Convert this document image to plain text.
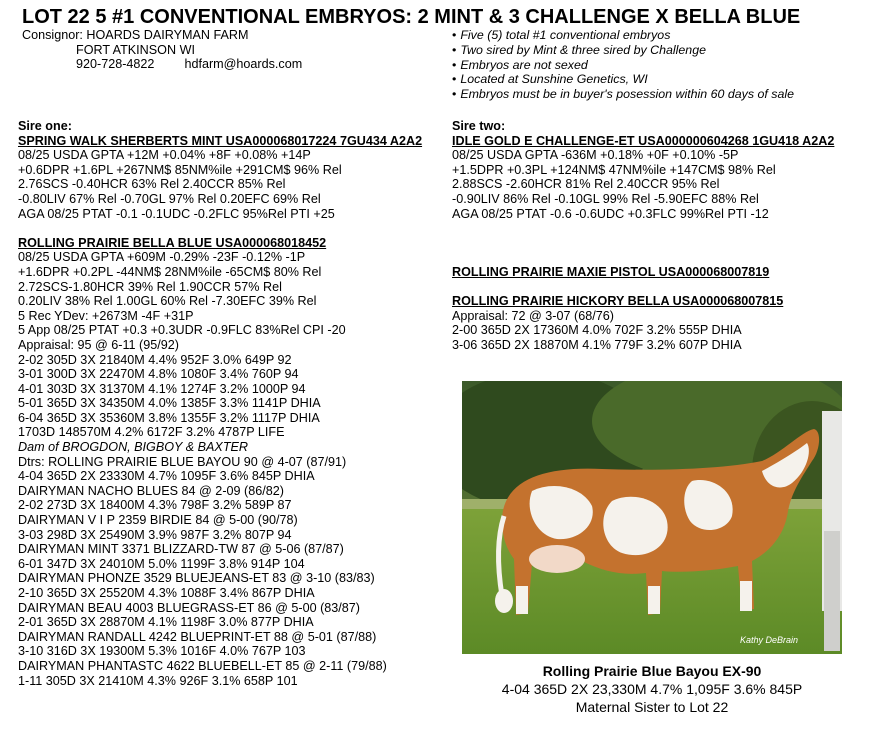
LOT 22 5 #1 CONVENTIONAL EMBRYOS: 2 MINT & 3 CHALLENGE X BELLA BLUE
Consignor: HOARDS DAIRYMAN FARM
FORT ATKINSON WI
920-728-4822 hdfarm@hoards.com
• Five (5) total #1 conventional embryos
• Two sired by Mint & three sired by Challenge
• Embryos are not sexed
• Located at Sunshine Genetics, WI
• Embryos must be in buyer's posession within 60 days of sale
Sire one:
SPRING WALK SHERBERTS MINT USA000068017224 7GU434 A2A2
08/25 USDA GPTA +12M +0.04% +8F +0.08% +14P
+0.6DPR +1.6PL +267NM$ 85NM%ile +291CM$ 96% Rel
2.76SCS -0.40HCR 63% Rel 2.40CCR 85% Rel
-0.80LIV 67% Rel -0.70GL 97% Rel 0.20EFC 69% Rel
AGA 08/25 PTAT -0.1 -0.1UDC -0.2FLC 95%Rel PTI +25
ROLLING PRAIRIE BELLA BLUE USA000068018452
08/25 USDA GPTA +609M -0.29% -23F -0.12% -1P
+1.6DPR +0.2PL -44NM$ 28NM%ile -65CM$ 80% Rel
2.72SCS-1.80HCR 39% Rel 1.90CCR 57% Rel
0.20LIV 38% Rel 1.00GL 60% Rel -7.30EFC 39% Rel
5 Rec YDev: +2673M -4F +31P
5 App 08/25 PTAT +0.3 +0.3UDR -0.9FLC 83%Rel CPI -20
Appraisal: 95 @ 6-11 (95/92)
2-02 305D 3X 21840M 4.4% 952F 3.0% 649P 92
3-01 300D 3X 22470M 4.8% 1080F 3.4% 760P 94
4-01 303D 3X 31370M 4.1% 1274F 3.2% 1000P 94
5-01 365D 3X 34350M 4.0% 1385F 3.3% 1141P DHIA
6-04 365D 3X 35360M 3.8% 1355F 3.2% 1117P DHIA
1703D 148570M 4.2% 6172F 3.2% 4787P LIFE
Dam of BROGDON, BIGBOY & BAXTER
Dtrs: ROLLING PRAIRIE BLUE BAYOU 90 @ 4-07 (87/91)
4-04 365D 2X 23330M 4.7% 1095F 3.6% 845P DHIA
DAIRYMAN NACHO BLUES 84 @ 2-09 (86/82)
2-02 273D 3X 18400M 4.3% 798F 3.2% 589P 87
DAIRYMAN V I P 2359 BIRDIE 84 @ 5-00 (90/78)
3-03 298D 3X 25490M 3.9% 987F 3.2% 807P 94
DAIRYMAN MINT 3371 BLIZZARD-TW 87 @ 5-06 (87/87)
6-01 347D 3X 24010M 5.0% 1199F 3.8% 914P 104
DAIRYMAN PHONZE 3529 BLUEJEANS-ET 83 @ 3-10 (83/83)
2-10 365D 3X 25520M 4.3% 1088F 3.4% 867P DHIA
DAIRYMAN BEAU 4003 BLUEGRASS-ET 86 @ 5-00 (83/87)
2-01 365D 3X 28870M 4.1% 1198F 3.0% 877P DHIA
DAIRYMAN RANDALL 4242 BLUEPRINT-ET 88 @ 5-01 (87/88)
3-10 316D 3X 19300M 5.3% 1016F 4.0% 767P 103
DAIRYMAN PHANTASTC 4622 BLUEBELL-ET 85 @ 2-11 (79/88)
1-11 305D 3X 21410M 4.3% 926F 3.1% 658P 101
Sire two:
IDLE GOLD E CHALLENGE-ET USA000000604268 1GU418 A2A2
08/25 USDA GPTA -636M +0.18% +0F +0.10% -5P
+1.5DPR +0.3PL +124NM$ 47NM%ile +147CM$ 98% Rel
2.88SCS -2.60HCR 81% Rel 2.40CCR 95% Rel
-0.90LIV 86% Rel -0.10GL 99% Rel -5.90EFC 88% Rel
AGA 08/25 PTAT -0.6 -0.6UDC +0.3FLC 99%Rel PTI -12
ROLLING PRAIRIE MAXIE PISTOL USA000068007819
ROLLING PRAIRIE HICKORY BELLA USA000068007815
Appraisal: 72 @ 3-07 (68/76)
2-00 365D 2X 17360M 4.0% 702F 3.2% 555P DHIA
3-06 365D 2X 18870M 4.1% 779F 3.2% 607P DHIA
Kathy DeBrain
Rolling Prairie Blue Bayou EX-90
4-04 365D 2X 23,330M 4.7% 1,095F 3.6% 845P
Maternal Sister to Lot 22
